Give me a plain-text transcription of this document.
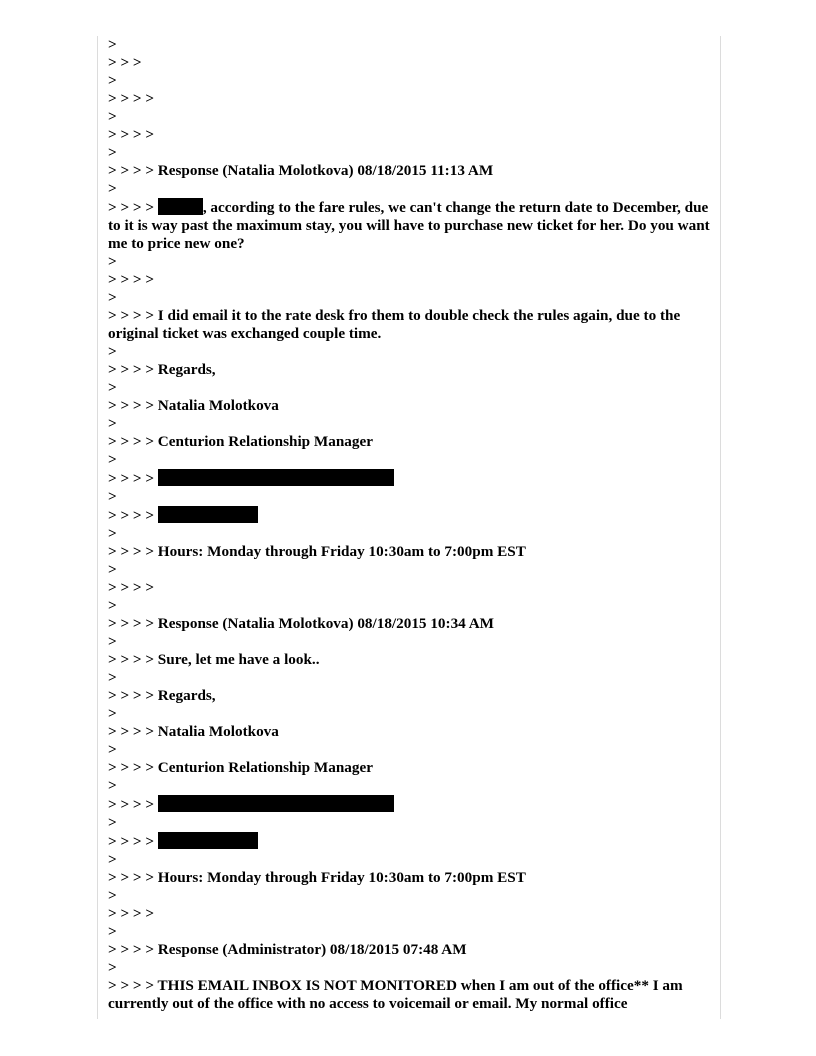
>
> > >
>
> > > >
>
> > > >
>
> > > > Response (Natalia Molotkova) 08/18/2015 11:13 AM
>
> > > >	, according to the fare rules, we can't change the return date to December, due to it is way past the maximum stay, you will have to purchase new ticket for her. Do you want me to price new one?
>
> > > >
>
> > > > I did email it to the rate desk fro them to double check the rules again, due to the original ticket was exchanged couple time.
>
> > > > Regards,
>
> > > > Natalia Molotkova
>
> > > > Centurion Relationship Manager
>
> > > >
>
> > > >
>
> > > > Hours: Monday through Friday 10:30am to 7:00pm EST
>
> > > >
>
> > > > Response (Natalia Molotkova) 08/18/2015 10:34 AM
>
> > > > Sure, let me have a look..
>
> > > > Regards,
>
> > > > Natalia Molotkova
>
> > > > Centurion Relationship Manager
>
> > > >
>
> > > >
>
> > > > Hours: Monday through Friday 10:30am to 7:00pm EST
>
> > > >
>
> > > > Response (Administrator) 08/18/2015 07:48 AM
>
> > > > THIS EMAIL INBOX IS NOT MONITORED when I am out of the office** I am currently out of the office with no access to voicemail or email. My normal office
